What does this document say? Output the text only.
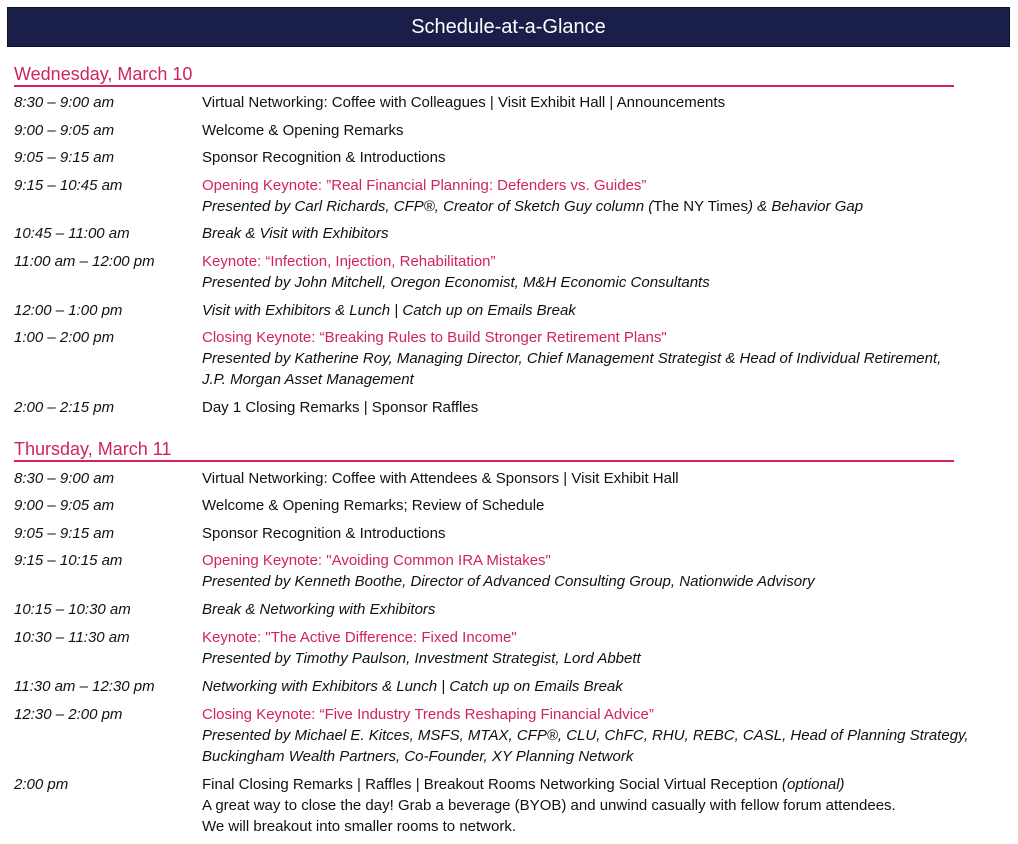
Schedule-at-a-Glance
Wednesday, March 10
8:30 – 9:00 am	Virtual Networking: Coffee with Colleagues | Visit Exhibit Hall | Announcements
9:00 – 9:05 am	Welcome & Opening Remarks
9:05 – 9:15 am	Sponsor Recognition & Introductions
9:15 – 10:45 am	Opening Keynote: ”Real Financial Planning: Defenders vs. Guides”
Presented by Carl Richards, CFP®, Creator of Sketch Guy column (The NY Times) & Behavior Gap
10:45 – 11:00 am	Break & Visit with Exhibitors
11:00 am – 12:00 pm	Keynote: “Infection, Injection, Rehabilitation”
Presented by John Mitchell, Oregon Economist, M&H Economic Consultants
12:00 – 1:00 pm	Visit with Exhibitors & Lunch | Catch up on Emails Break
1:00 – 2:00 pm	Closing Keynote: “Breaking Rules to Build Stronger Retirement Plans"
Presented by Katherine Roy, Managing Director, Chief Management Strategist & Head of Individual Retirement,
J.P. Morgan Asset Management
2:00 – 2:15 pm	Day 1 Closing Remarks | Sponsor Raffles
Thursday, March 11
8:30 – 9:00 am	Virtual Networking: Coffee with Attendees & Sponsors | Visit Exhibit Hall
9:00 – 9:05 am	Welcome & Opening Remarks; Review of Schedule
9:05 – 9:15 am	Sponsor Recognition & Introductions
9:15 – 10:15 am	Opening Keynote: "Avoiding Common IRA Mistakes"
Presented by Kenneth Boothe, Director of Advanced Consulting Group, Nationwide Advisory
10:15 – 10:30 am	Break & Networking with Exhibitors
10:30 – 11:30 am	Keynote: "The Active Difference: Fixed Income"
Presented by Timothy Paulson, Investment Strategist, Lord Abbett
11:30 am – 12:30 pm	Networking with Exhibitors & Lunch | Catch up on Emails Break
12:30 – 2:00 pm	Closing Keynote: “Five Industry Trends Reshaping Financial Advice”
Presented by Michael E. Kitces, MSFS, MTAX, CFP®, CLU, ChFC, RHU, REBC, CASL, Head of Planning Strategy,
Buckingham Wealth Partners, Co-Founder, XY Planning Network
2:00 pm	Final Closing Remarks | Raffles | Breakout Rooms Networking Social Virtual Reception (optional)
A great way to close the day! Grab a beverage (BYOB) and unwind casually with fellow forum attendees.
We will breakout into smaller rooms to network.
